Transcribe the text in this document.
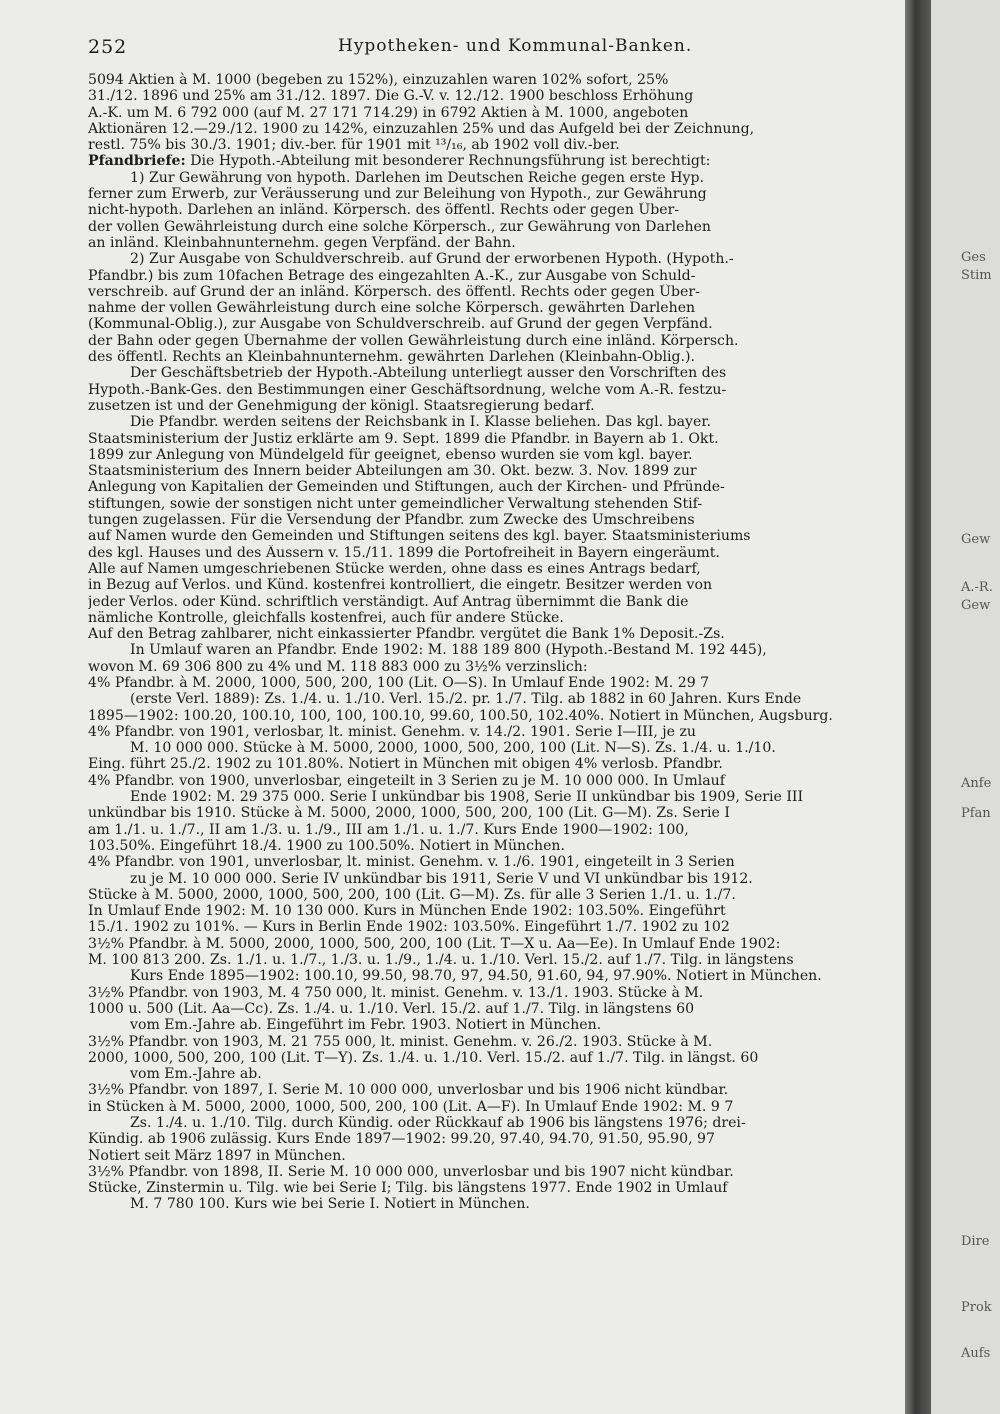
252	Hypotheken- und Kommunal-Banken.
5094 Aktien à M. 1000 (begeben zu 152%), einzuzahlen waren 102% sofort, 25%
31./12. 1896 und 25% am 31./12. 1897. Die G.-V. v. 12./12. 1900 beschloss Erhöhung
A.-K. um M. 6 792 000 (auf M. 27 171 714.29) in 6792 Aktien à M. 1000, angeboten
Aktionären 12.—29./12. 1900 zu 142%, einzuzahlen 25% und das Aufgeld bei der Zeichnung,
restl. 75% bis 30./3. 1901; div.-ber. für 1901 mit ¹³/₁₆, ab 1902 voll div.-ber.
Pfandbriefe: Die Hypoth.-Abteilung mit besonderer Rechnungsführung ist berechtigt:
1) Zur Gewährung von hypoth. Darlehen im Deutschen Reiche gegen erste Hyp.
ferner zum Erwerb, zur Veräusserung und zur Beleihung von Hypoth., zur Gewährung
nicht-hypoth. Darlehen an inländ. Körpersch. des öffentl. Rechts oder gegen Über-
der vollen Gewährleistung durch eine solche Körpersch., zur Gewährung von Darlehen
an inländ. Kleinbahnunternehm. gegen Verpfänd. der Bahn.
2) Zur Ausgabe von Schuldverschreib. auf Grund der erworbenen Hypoth. (Hypoth.-
Pfandbr.) bis zum 10fachen Betrage des eingezahlten A.-K., zur Ausgabe von Schuld-
verschreib. auf Grund der an inländ. Körpersch. des öffentl. Rechts oder gegen Über-
nahme der vollen Gewährleistung durch eine solche Körpersch. gewährten Darlehen
(Kommunal-Oblig.), zur Ausgabe von Schuldverschreib. auf Grund der gegen Verpfänd.
der Bahn oder gegen Übernahme der vollen Gewährleistung durch eine inländ. Körpersch.
des öffentl. Rechts an Kleinbahnunternehm. gewährten Darlehen (Kleinbahn-Oblig.).
Der Geschäftsbetrieb der Hypoth.-Abteilung unterliegt ausser den Vorschriften des
Hypoth.-Bank-Ges. den Bestimmungen einer Geschäftsordnung, welche vom A.-R. festzu-
zusetzen ist und der Genehmigung der königl. Staatsregierung bedarf.
Die Pfandbr. werden seitens der Reichsbank in I. Klasse beliehen. Das kgl. bayer.
Staatsministerium der Justiz erklärte am 9. Sept. 1899 die Pfandbr. in Bayern ab 1. Okt.
1899 zur Anlegung von Mündelgeld für geeignet, ebenso wurden sie vom kgl. bayer.
Staatsministerium des Innern beider Abteilungen am 30. Okt. bezw. 3. Nov. 1899 zur
Anlegung von Kapitalien der Gemeinden und Stiftungen, auch der Kirchen- und Pfründe-
stiftungen, sowie der sonstigen nicht unter gemeindlicher Verwaltung stehenden Stif-
tungen zugelassen. Für die Versendung der Pfandbr. zum Zwecke des Umschreibens
auf Namen wurde den Gemeinden und Stiftungen seitens des kgl. bayer. Staatsministeriums
des kgl. Hauses und des Äussern v. 15./11. 1899 die Portofreiheit in Bayern eingeräumt.
Alle auf Namen umgeschriebenen Stücke werden, ohne dass es eines Antrags bedarf,
in Bezug auf Verlos. und Künd. kostenfrei kontrolliert, die eingetr. Besitzer werden von
jeder Verlos. oder Künd. schriftlich verständigt. Auf Antrag übernimmt die Bank die
nämliche Kontrolle, gleichfalls kostenfrei, auch für andere Stücke.
Auf den Betrag zahlbarer, nicht einkassierter Pfandbr. vergütet die Bank 1% Deposit.-Zs.
In Umlauf waren an Pfandbr. Ende 1902: M. 188 189 800 (Hypoth.-Bestand M. 192 445),
wovon M. 69 306 800 zu 4% und M. 118 883 000 zu 3½% verzinslich:
4% Pfandbr. à M. 2000, 1000, 500, 200, 100 (Lit. O—S). In Umlauf Ende 1902: M. 29 7
(erste Verl. 1889): Zs. 1./4. u. 1./10. Verl. 15./2. pr. 1./7. Tilg. ab 1882 in 60 Jahren. Kurs Ende
1895—1902: 100.20, 100.10, 100, 100, 100.10, 99.60, 100.50, 102.40%. Notiert in München, Augsburg.
4% Pfandbr. von 1901, verlosbar, lt. minist. Genehm. v. 14./2. 1901. Serie I—III, je zu
M. 10 000 000. Stücke à M. 5000, 2000, 1000, 500, 200, 100 (Lit. N—S). Zs. 1./4. u. 1./10.
Eing. führt 25./2. 1902 zu 101.80%. Notiert in München mit obigen 4% verlosb. Pfandbr.
4% Pfandbr. von 1900, unverlosbar, eingeteilt in 3 Serien zu je M. 10 000 000. In Umlauf
Ende 1902: M. 29 375 000. Serie I unkündbar bis 1908, Serie II unkündbar bis 1909, Serie III
unkündbar bis 1910. Stücke à M. 5000, 2000, 1000, 500, 200, 100 (Lit. G—M). Zs. Serie I
am 1./1. u. 1./7., II am 1./3. u. 1./9., III am 1./1. u. 1./7. Kurs Ende 1900—1902: 100,
103.50%. Eingeführt 18./4. 1900 zu 100.50%. Notiert in München.
4% Pfandbr. von 1901, unverlosbar, lt. minist. Genehm. v. 1./6. 1901, eingeteilt in 3 Serien
zu je M. 10 000 000. Serie IV unkündbar bis 1911, Serie V und VI unkündbar bis 1912.
Stücke à M. 5000, 2000, 1000, 500, 200, 100 (Lit. G—M). Zs. für alle 3 Serien 1./1. u. 1./7.
In Umlauf Ende 1902: M. 10 130 000. Kurs in München Ende 1902: 103.50%. Eingeführt
15./1. 1902 zu 101%. — Kurs in Berlin Ende 1902: 103.50%. Eingeführt 1./7. 1902 zu 102
3½% Pfandbr. à M. 5000, 2000, 1000, 500, 200, 100 (Lit. T—X u. Aa—Ee). In Umlauf Ende 1902:
M. 100 813 200. Zs. 1./1. u. 1./7., 1./3. u. 1./9., 1./4. u. 1./10. Verl. 15./2. auf 1./7. Tilg. in längstens
Kurs Ende 1895—1902: 100.10, 99.50, 98.70, 97, 94.50, 91.60, 94, 97.90%. Notiert in München.
3½% Pfandbr. von 1903, M. 4 750 000, lt. minist. Genehm. v. 13./1. 1903. Stücke à M.
1000 u. 500 (Lit. Aa—Cc). Zs. 1./4. u. 1./10. Verl. 15./2. auf 1./7. Tilg. in längstens 60
vom Em.-Jahre ab. Eingeführt im Febr. 1903. Notiert in München.
3½% Pfandbr. von 1903, M. 21 755 000, lt. minist. Genehm. v. 26./2. 1903. Stücke à M.
2000, 1000, 500, 200, 100 (Lit. T—Y). Zs. 1./4. u. 1./10. Verl. 15./2. auf 1./7. Tilg. in längst. 60
vom Em.-Jahre ab.
3½% Pfandbr. von 1897, I. Serie M. 10 000 000, unverlosbar und bis 1906 nicht kündbar.
in Stücken à M. 5000, 2000, 1000, 500, 200, 100 (Lit. A—F). In Umlauf Ende 1902: M. 9 7
Zs. 1./4. u. 1./10. Tilg. durch Kündig. oder Rückkauf ab 1906 bis längstens 1976; drei-
Kündig. ab 1906 zulässig. Kurs Ende 1897—1902: 99.20, 97.40, 94.70, 91.50, 95.90, 97
Notiert seit März 1897 in München.
3½% Pfandbr. von 1898, II. Serie M. 10 000 000, unverlosbar und bis 1907 nicht kündbar.
Stücke, Zinstermin u. Tilg. wie bei Serie I; Tilg. bis längstens 1977. Ende 1902 in Umlauf
M. 7 780 100. Kurs wie bei Serie I. Notiert in München.
Ges
Stim
Gew
A.-R.
Gew
Anfe
Pfan
Dire
Prok
Aufs
